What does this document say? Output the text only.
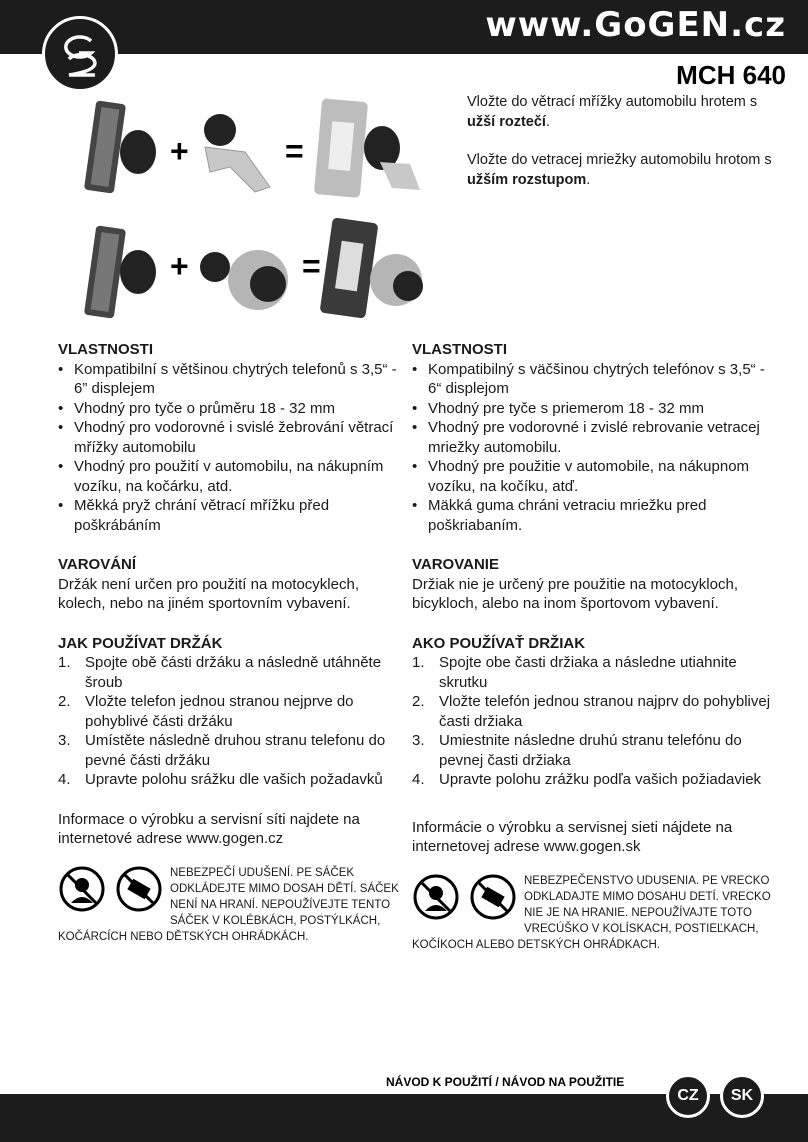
www.GoGEN.cz
MCH 640
Vložte do větrací mřížky automobilu hrotem s užší roztečí.
Vložte do vetracej mriežky automobilu hrotom s užším rozstupom.
+	=
+	=

VLASTNOSTI

• Kompatibilní s většinou chytrých telefonů s 3,5“ - 6” displejem
• Vhodný pro tyče o průměru 18 - 32 mm
• Vhodný pro vodorovné i svislé žebrování větrací mřížky automobilu
• Vhodný pro použití v automobilu, na nákupním vozíku, na kočárku, atd.
• Měkká pryž chrání větrací mřížku před poškrábáním

VAROVÁNÍ

Držák není určen pro použití na motocyklech, kolech, nebo na jiném sportovním vybavení.

JAK POUŽÍVAT DRŽÁK

1. Spojte obě části držáku a následně utáhněte šroub
2. Vložte telefon jednou stranou nejprve do pohyblivé části držáku
3. Umístěte následně druhou stranu telefonu do pevné části držáku
4. Upravte polohu srážku dle vašich požadavků

Informace o výrobku a servisní síti najdete na internetové adrese www.gogen.cz

NEBEZPEČÍ UDUŠENÍ. PE SÁČEK ODKLÁDEJTE MIMO DOSAH DĚTÍ. SÁČEK NENÍ NA HRANÍ. NEPOUŽÍVEJTE TENTO SÁČEK V KOLÉBKÁCH, POSTÝLKÁCH, KOČÁRCÍCH NEBO DĚTSKÝCH OHRÁDKÁCH.

VLASTNOSTI

• Kompatibilný s väčšinou chytrých telefónov s 3,5“ - 6“ displejom
• Vhodný pre tyče s priemerom 18 - 32 mm
• Vhodný pre vodorovné i zvislé rebrovanie vetracej mriežky automobilu.
• Vhodný pre použitie v automobile, na nákupnom vozíku, na kočíku, atď.
• Mäkká guma chráni vetraciu mriežku pred poškriabaním.

VAROVANIE

Držiak nie je určený pre použitie na motocykloch, bicykloch, alebo na inom športovom vybavení.

AKO POUŽÍVAŤ DRŽIAK

1. Spojte obe časti držiaka a následne utiahnite skrutku
2. Vložte telefón jednou stranou najprv do pohyblivej časti držiaka
3. Umiestnite následne druhú stranu telefónu do pevnej časti držiaka
4. Upravte polohu zrážku podľa vašich požiadaviek

Informácie o výrobku a servisnej sieti nájdete na internetovej adrese www.gogen.sk

NEBEZPEČENSTVO UDUSENIA. PE VRECKO ODKLADAJTE MIMO DOSAHU DETÍ. VRECKO NIE JE NA HRANIE. NEPOUŽÍVAJTE TOTO VRECÚŠKO V KOLÍSKACH, POSTIEĽKACH, KOČÍKOCH ALEBO DETSKÝCH OHRÁDKACH.
NÁVOD K POUŽITÍ / NÁVOD NA POUŽITIE
CZ	SK
